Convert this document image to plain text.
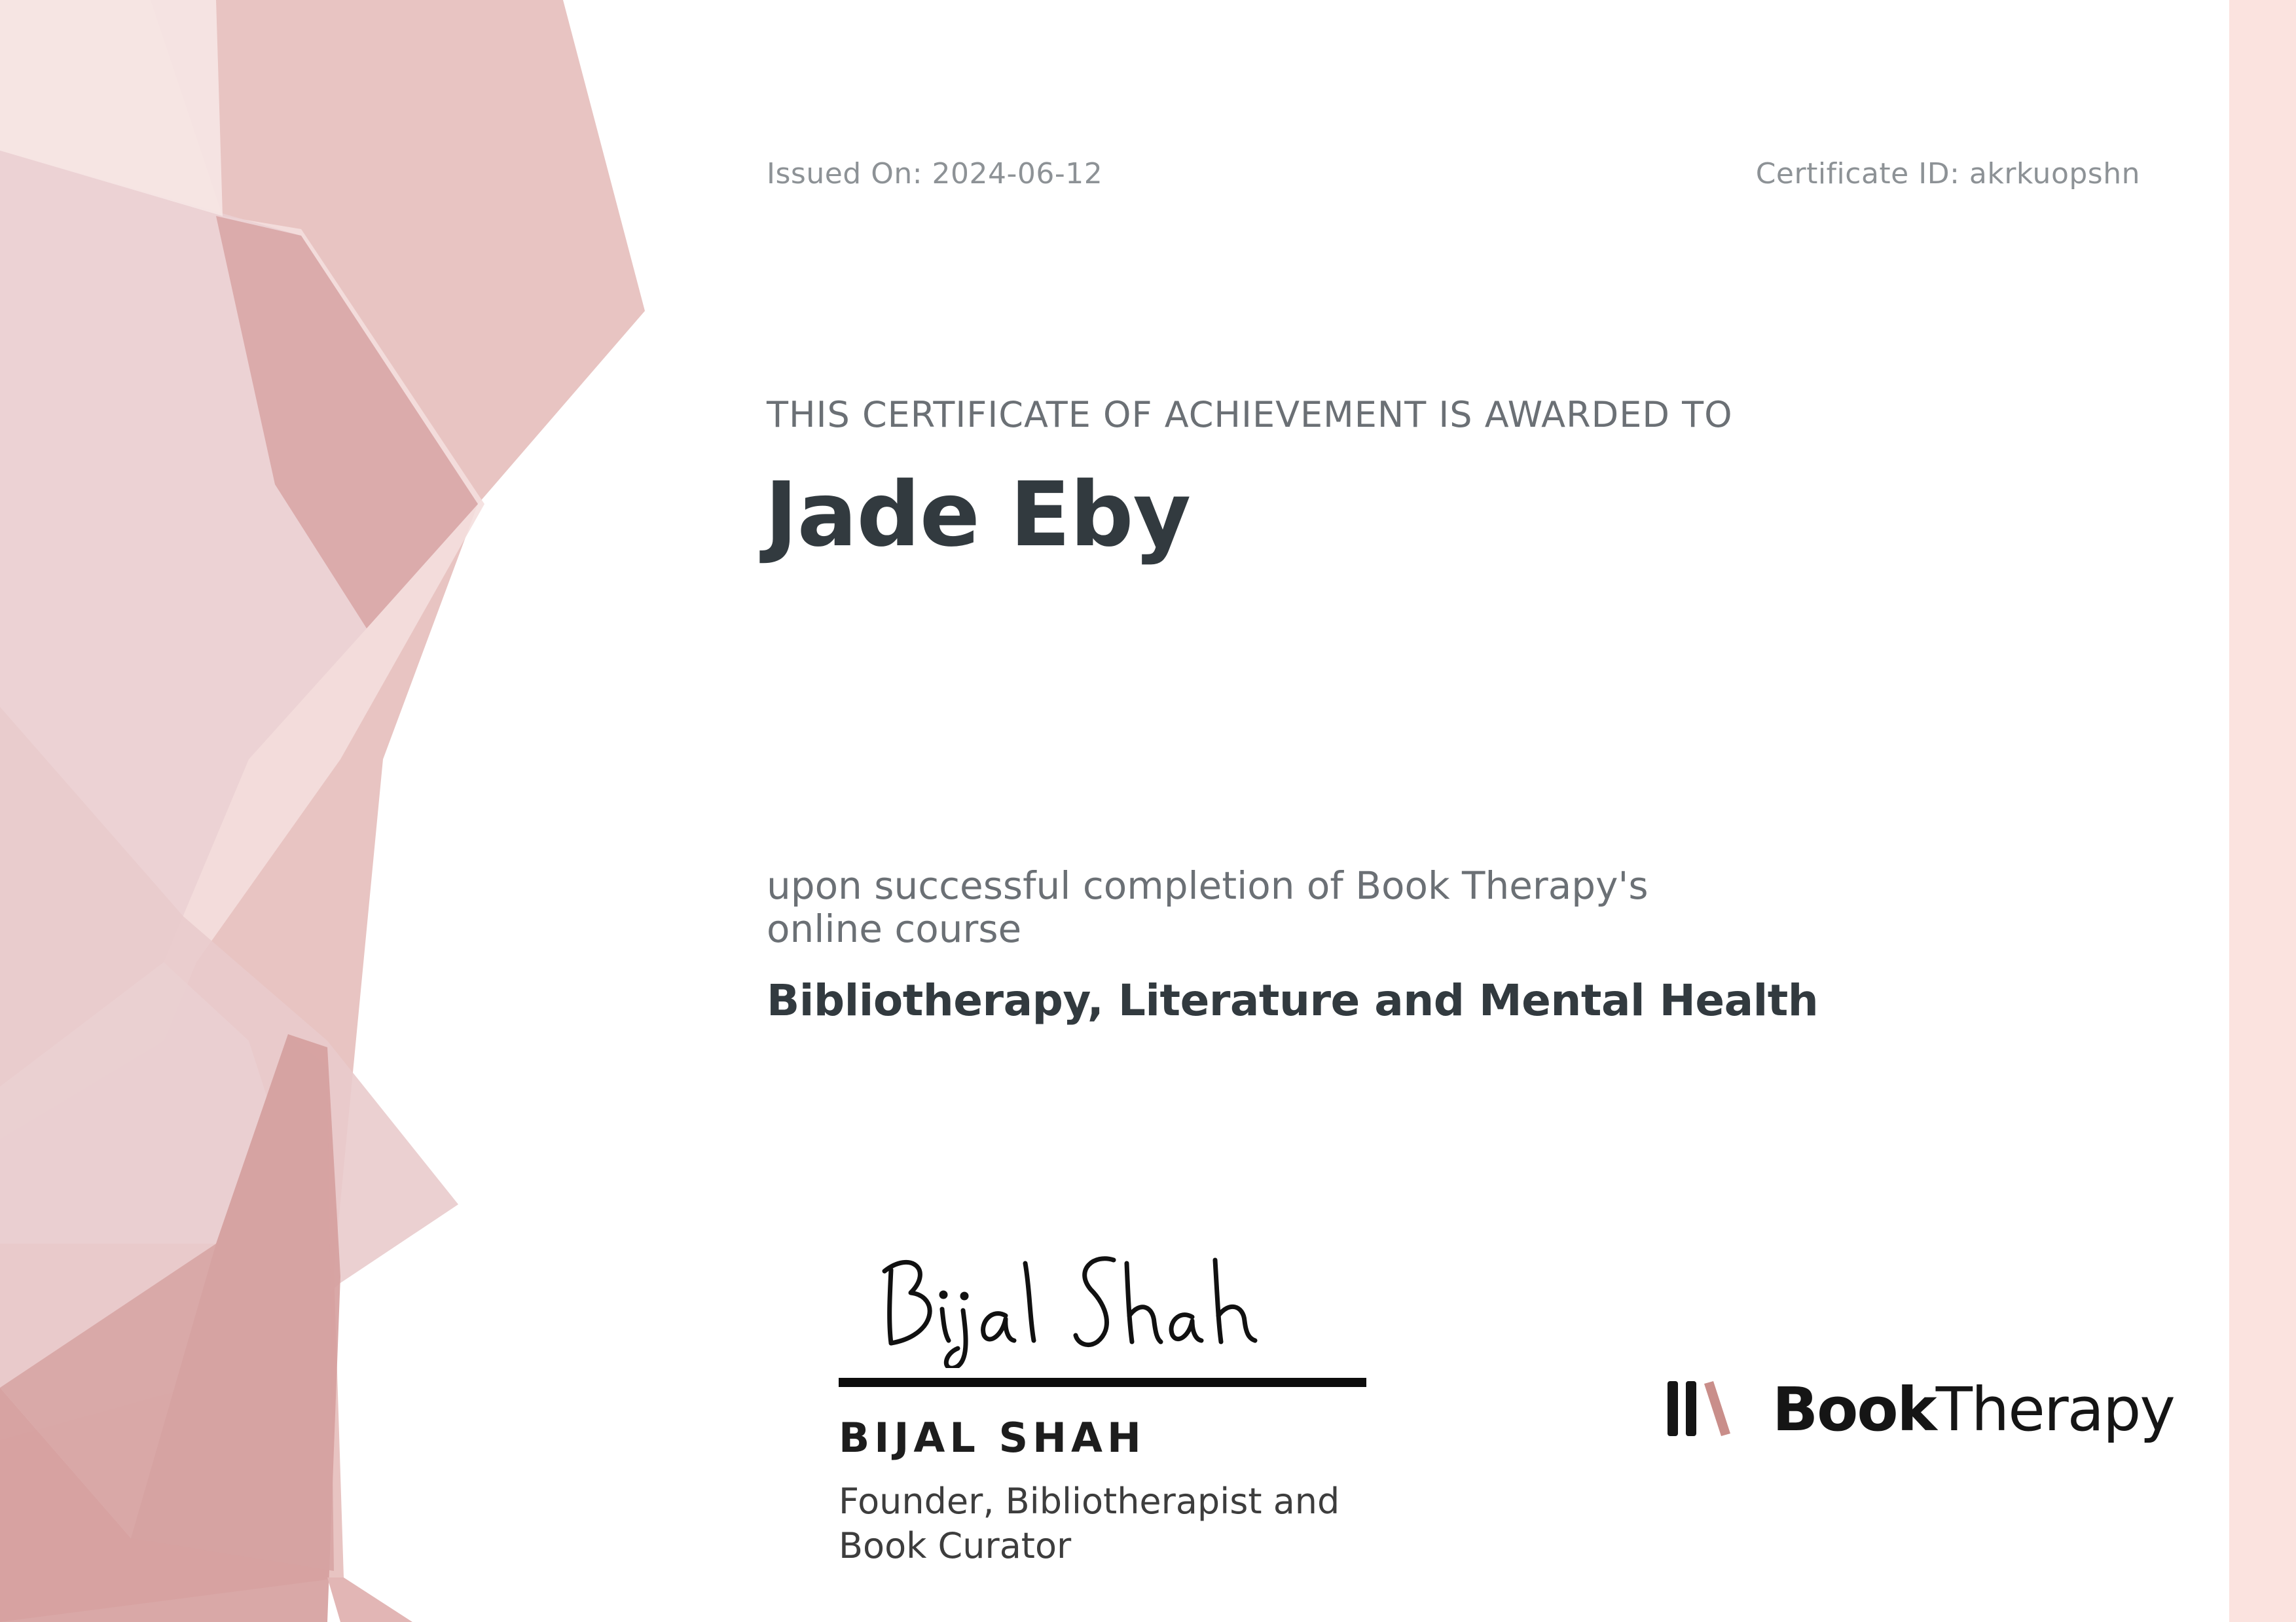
Issued On: 2024-06-12	Certificate ID: akrkuopshn
THIS CERTIFICATE OF ACHIEVEMENT IS AWARDED TO
Jade Eby
upon successful completion of Book Therapy's online course
Bibliotherapy, Literature and Mental Health
BIJAL SHAH
Founder, Bibliotherapist and Book Curator
BookTherapy
